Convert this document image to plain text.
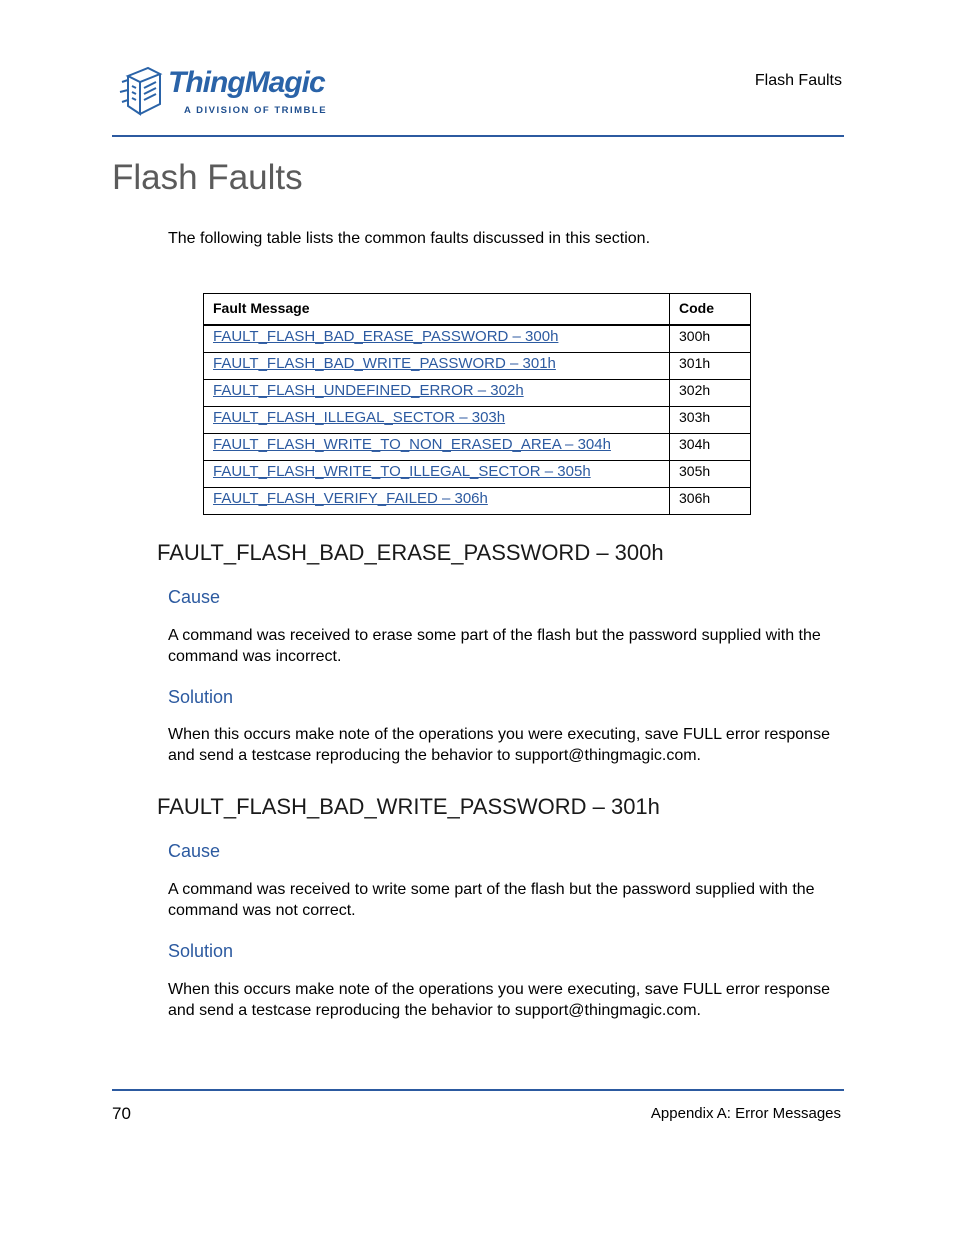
ThingMagic
A DIVISION OF TRIMBLE
Flash Faults
Flash Faults

The following table lists the common faults discussed in this section.

Fault Message	Code

FAULT_FLASH_BAD_ERASE_PASSWORD – 300h	300h
FAULT_FLASH_BAD_WRITE_PASSWORD – 301h	301h
FAULT_FLASH_UNDEFINED_ERROR – 302h	302h
FAULT_FLASH_ILLEGAL_SECTOR – 303h	303h
FAULT_FLASH_WRITE_TO_NON_ERASED_AREA – 304h	304h
FAULT_FLASH_WRITE_TO_ILLEGAL_SECTOR – 305h	305h
FAULT_FLASH_VERIFY_FAILED – 306h	306h
FAULT_FLASH_BAD_ERASE_PASSWORD – 300h
Cause

A command was received to erase some part of the flash but the password supplied with the command was incorrect.

Solution

When this occurs make note of the operations you were executing, save FULL error response and send a testcase reproducing the behavior to support@thingmagic.com.

FAULT_FLASH_BAD_WRITE_PASSWORD – 301h
Cause

A command was received to write some part of the flash but the password supplied with the command was not correct.

Solution

When this occurs make note of the operations you were executing, save FULL error response and send a testcase reproducing the behavior to support@thingmagic.com.

70	Appendix A: Error Messages
